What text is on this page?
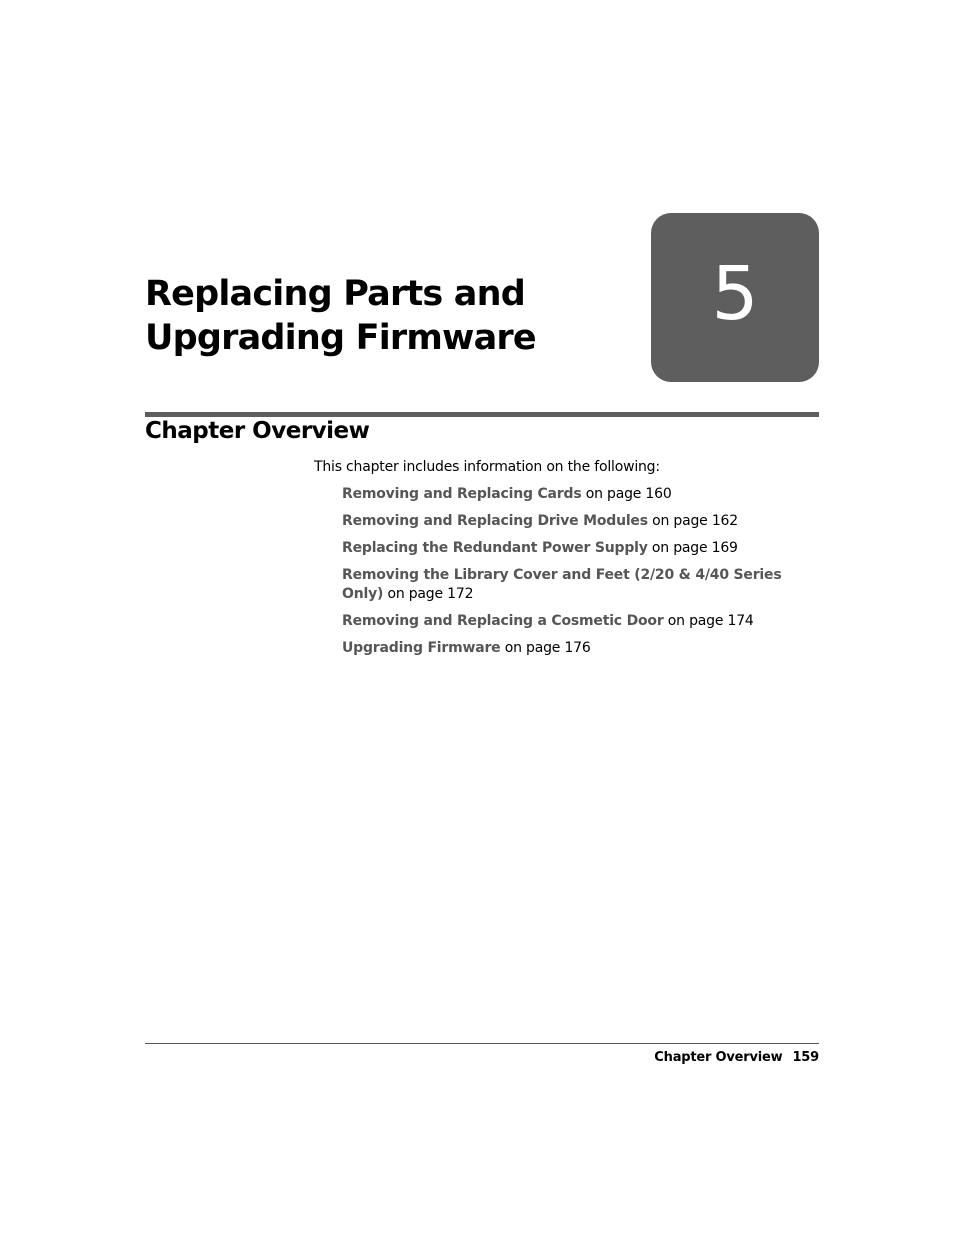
Replacing Parts and
Upgrading Firmware
5
Chapter Overview

This chapter includes information on the following:

Removing and Replacing Cards on page 160
Removing and Replacing Drive Modules on page 162
Replacing the Redundant Power Supply on page 169
Removing the Library Cover and Feet (2/20 & 4/40 Series Only) on page 172
Removing and Replacing a Cosmetic Door on page 174
Upgrading Firmware on page 176
Chapter Overview 159
